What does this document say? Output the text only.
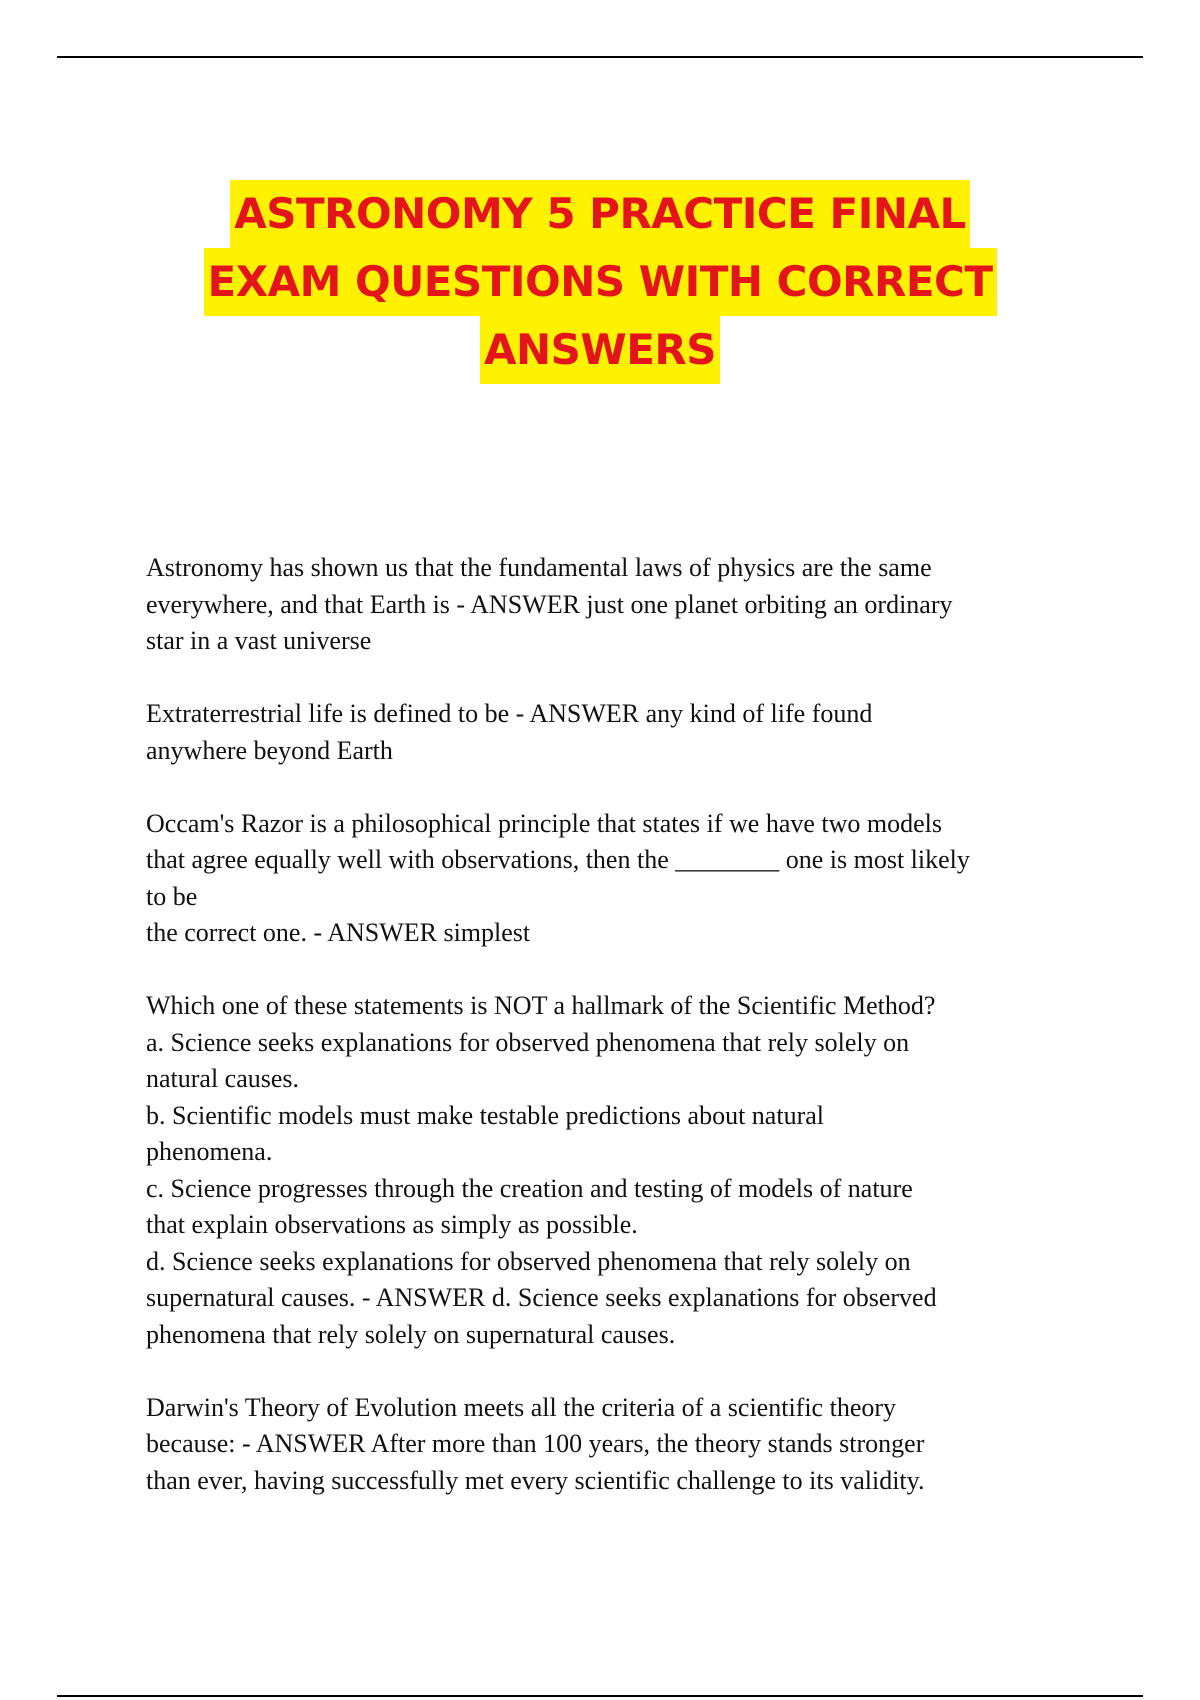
ASTRONOMY 5 PRACTICE FINAL
EXAM QUESTIONS WITH CORRECT
ANSWERS
Astronomy has shown us that the fundamental laws of physics are the same
everywhere, and that Earth is - ANSWER just one planet orbiting an ordinary
star in a vast universe
Extraterrestrial life is defined to be - ANSWER any kind of life found
anywhere beyond Earth
Occam's Razor is a philosophical principle that states if we have two models
that agree equally well with observations, then the ________ one is most likely
to be
the correct one. - ANSWER simplest
Which one of these statements is NOT a hallmark of the Scientific Method?
a. Science seeks explanations for observed phenomena that rely solely on
natural causes.
b. Scientific models must make testable predictions about natural
phenomena.
c. Science progresses through the creation and testing of models of nature
that explain observations as simply as possible.
d. Science seeks explanations for observed phenomena that rely solely on
supernatural causes. - ANSWER d. Science seeks explanations for observed
phenomena that rely solely on supernatural causes.
Darwin's Theory of Evolution meets all the criteria of a scientific theory
because: - ANSWER After more than 100 years, the theory stands stronger
than ever, having successfully met every scientific challenge to its validity.
